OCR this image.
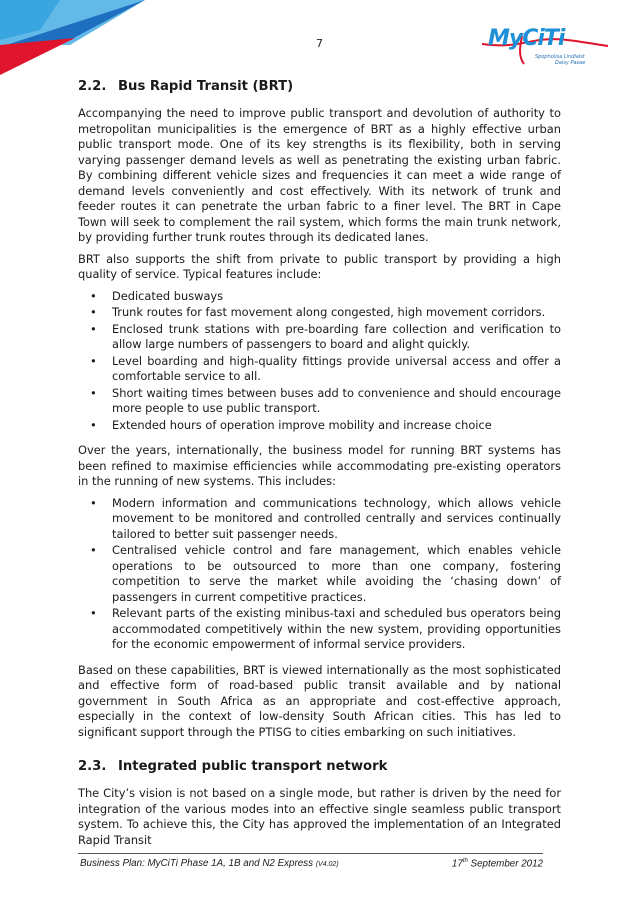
7	MyCiTi
Spopholisa Lindlalst
Daisy Pasae
2.2. Bus Rapid Transit (BRT)

Accompanying the need to improve public transport and devolution of authority to metropolitan municipalities is the emergence of BRT as a highly effective urban public transport mode. One of its key strengths is its flexibility, both in serving varying passenger demand levels as well as penetrating the existing urban fabric. By combining different vehicle sizes and frequencies it can meet a wide range of demand levels conveniently and cost effectively. With its network of trunk and feeder routes it can penetrate the urban fabric to a finer level. The BRT in Cape Town will seek to complement the rail system, which forms the main trunk network, by providing further trunk routes through its dedicated lanes.

BRT also supports the shift from private to public transport by providing a high quality of service. Typical features include:

• Dedicated busways
• Trunk routes for fast movement along congested, high movement corridors.
• Enclosed trunk stations with pre-boarding fare collection and verification to allow large numbers of passengers to board and alight quickly.
• Level boarding and high-quality fittings provide universal access and offer a comfortable service to all.
• Short waiting times between buses add to convenience and should encourage more people to use public transport.
• Extended hours of operation improve mobility and increase choice

Over the years, internationally, the business model for running BRT systems has been refined to maximise efficiencies while accommodating pre-existing operators in the running of new systems. This includes:

• Modern information and communications technology, which allows vehicle movement to be monitored and controlled centrally and services continually tailored to better suit passenger needs.
• Centralised vehicle control and fare management, which enables vehicle operations to be outsourced to more than one company, fostering competition to serve the market while avoiding the ‘chasing down’ of passengers in current competitive practices.
• Relevant parts of the existing minibus-taxi and scheduled bus operators being accommodated competitively within the new system, providing opportunities for the economic empowerment of informal service providers.

Based on these capabilities, BRT is viewed internationally as the most sophisticated and effective form of road-based public transit available and by national government in South Africa as an appropriate and cost-effective approach, especially in the context of low-density South African cities. This has led to significant support through the PTISG to cities embarking on such initiatives.

2.3. Integrated public transport network

The City’s vision is not based on a single mode, but rather is driven by the need for integration of the various modes into an effective single seamless public transport system. To achieve this, the City has approved the implementation of an Integrated Rapid Transit

Business Plan: MyCiTi Phase 1A, 1B and N2 Express (V4.02)	17th September 2012
